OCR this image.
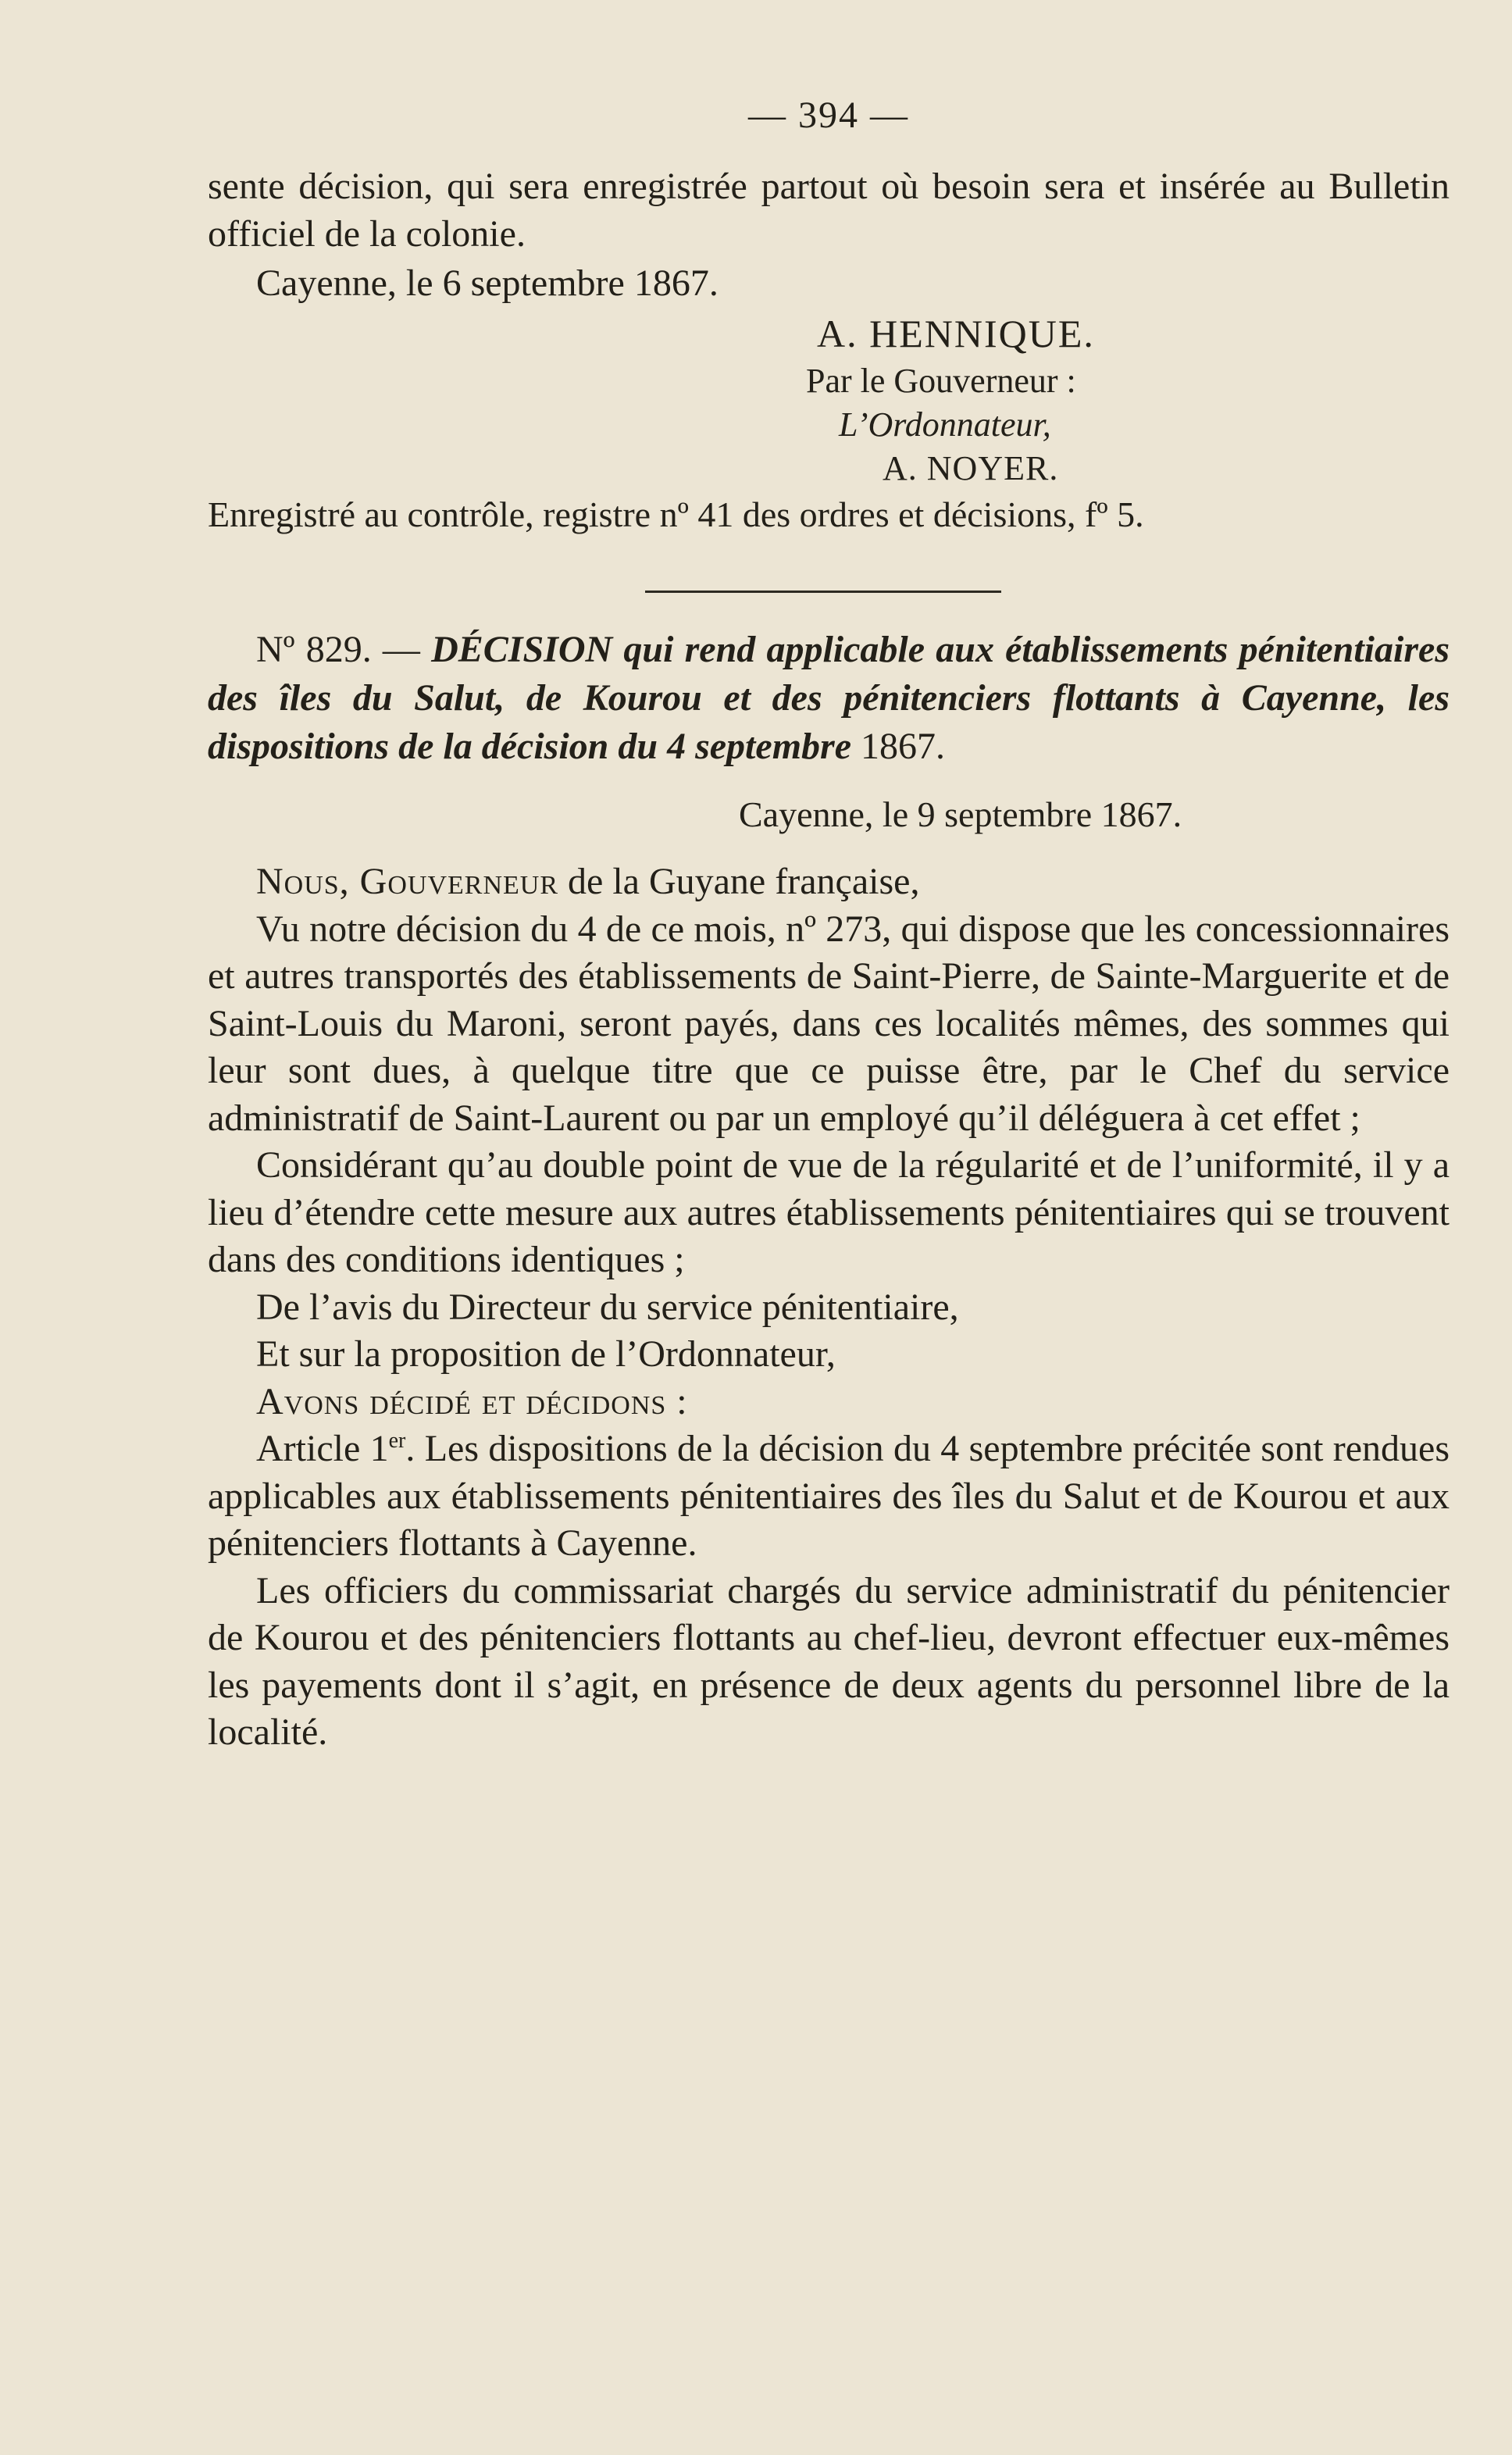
— 394 —

sente décision, qui sera enregistrée partout où besoin sera et insérée au Bulletin officiel de la colonie.

Cayenne, le 6 septembre 1867.
A. HENNIQUE.
Par le Gouverneur :
L’Ordonnateur,
A. NOYER.
Enregistré au contrôle, registre nº 41 des ordres et décisions, fº 5.

Nº 829. — DÉCISION qui rend applicable aux établissements pénitentiaires des îles du Salut, de Kourou et des pénitenciers flottants à Cayenne, les dispositions de la décision du 4 septembre 1867.

Cayenne, le 9 septembre 1867.

Nous, Gouverneur de la Guyane française,

Vu notre décision du 4 de ce mois, nº 273, qui dispose que les concessionnaires et autres transportés des établissements de Saint-Pierre, de Sainte-Marguerite et de Saint-Louis du Maroni, seront payés, dans ces localités mêmes, des sommes qui leur sont dues, à quelque titre que ce puisse être, par le Chef du service administratif de Saint-Laurent ou par un employé qu’il déléguera à cet effet ;

Considérant qu’au double point de vue de la régularité et de l’uniformité, il y a lieu d’étendre cette mesure aux autres établissements pénitentiaires qui se trouvent dans des conditions identiques ;

De l’avis du Directeur du service pénitentiaire,

Et sur la proposition de l’Ordonnateur,

Avons décidé et décidons :

Article 1er. Les dispositions de la décision du 4 septembre précitée sont rendues applicables aux établissements pénitentiaires des îles du Salut et de Kourou et aux pénitenciers flottants à Cayenne.

Les officiers du commissariat chargés du service administratif du pénitencier de Kourou et des pénitenciers flottants au chef-lieu, devront effectuer eux-mêmes les payements dont il s’agit, en présence de deux agents du personnel libre de la localité.
